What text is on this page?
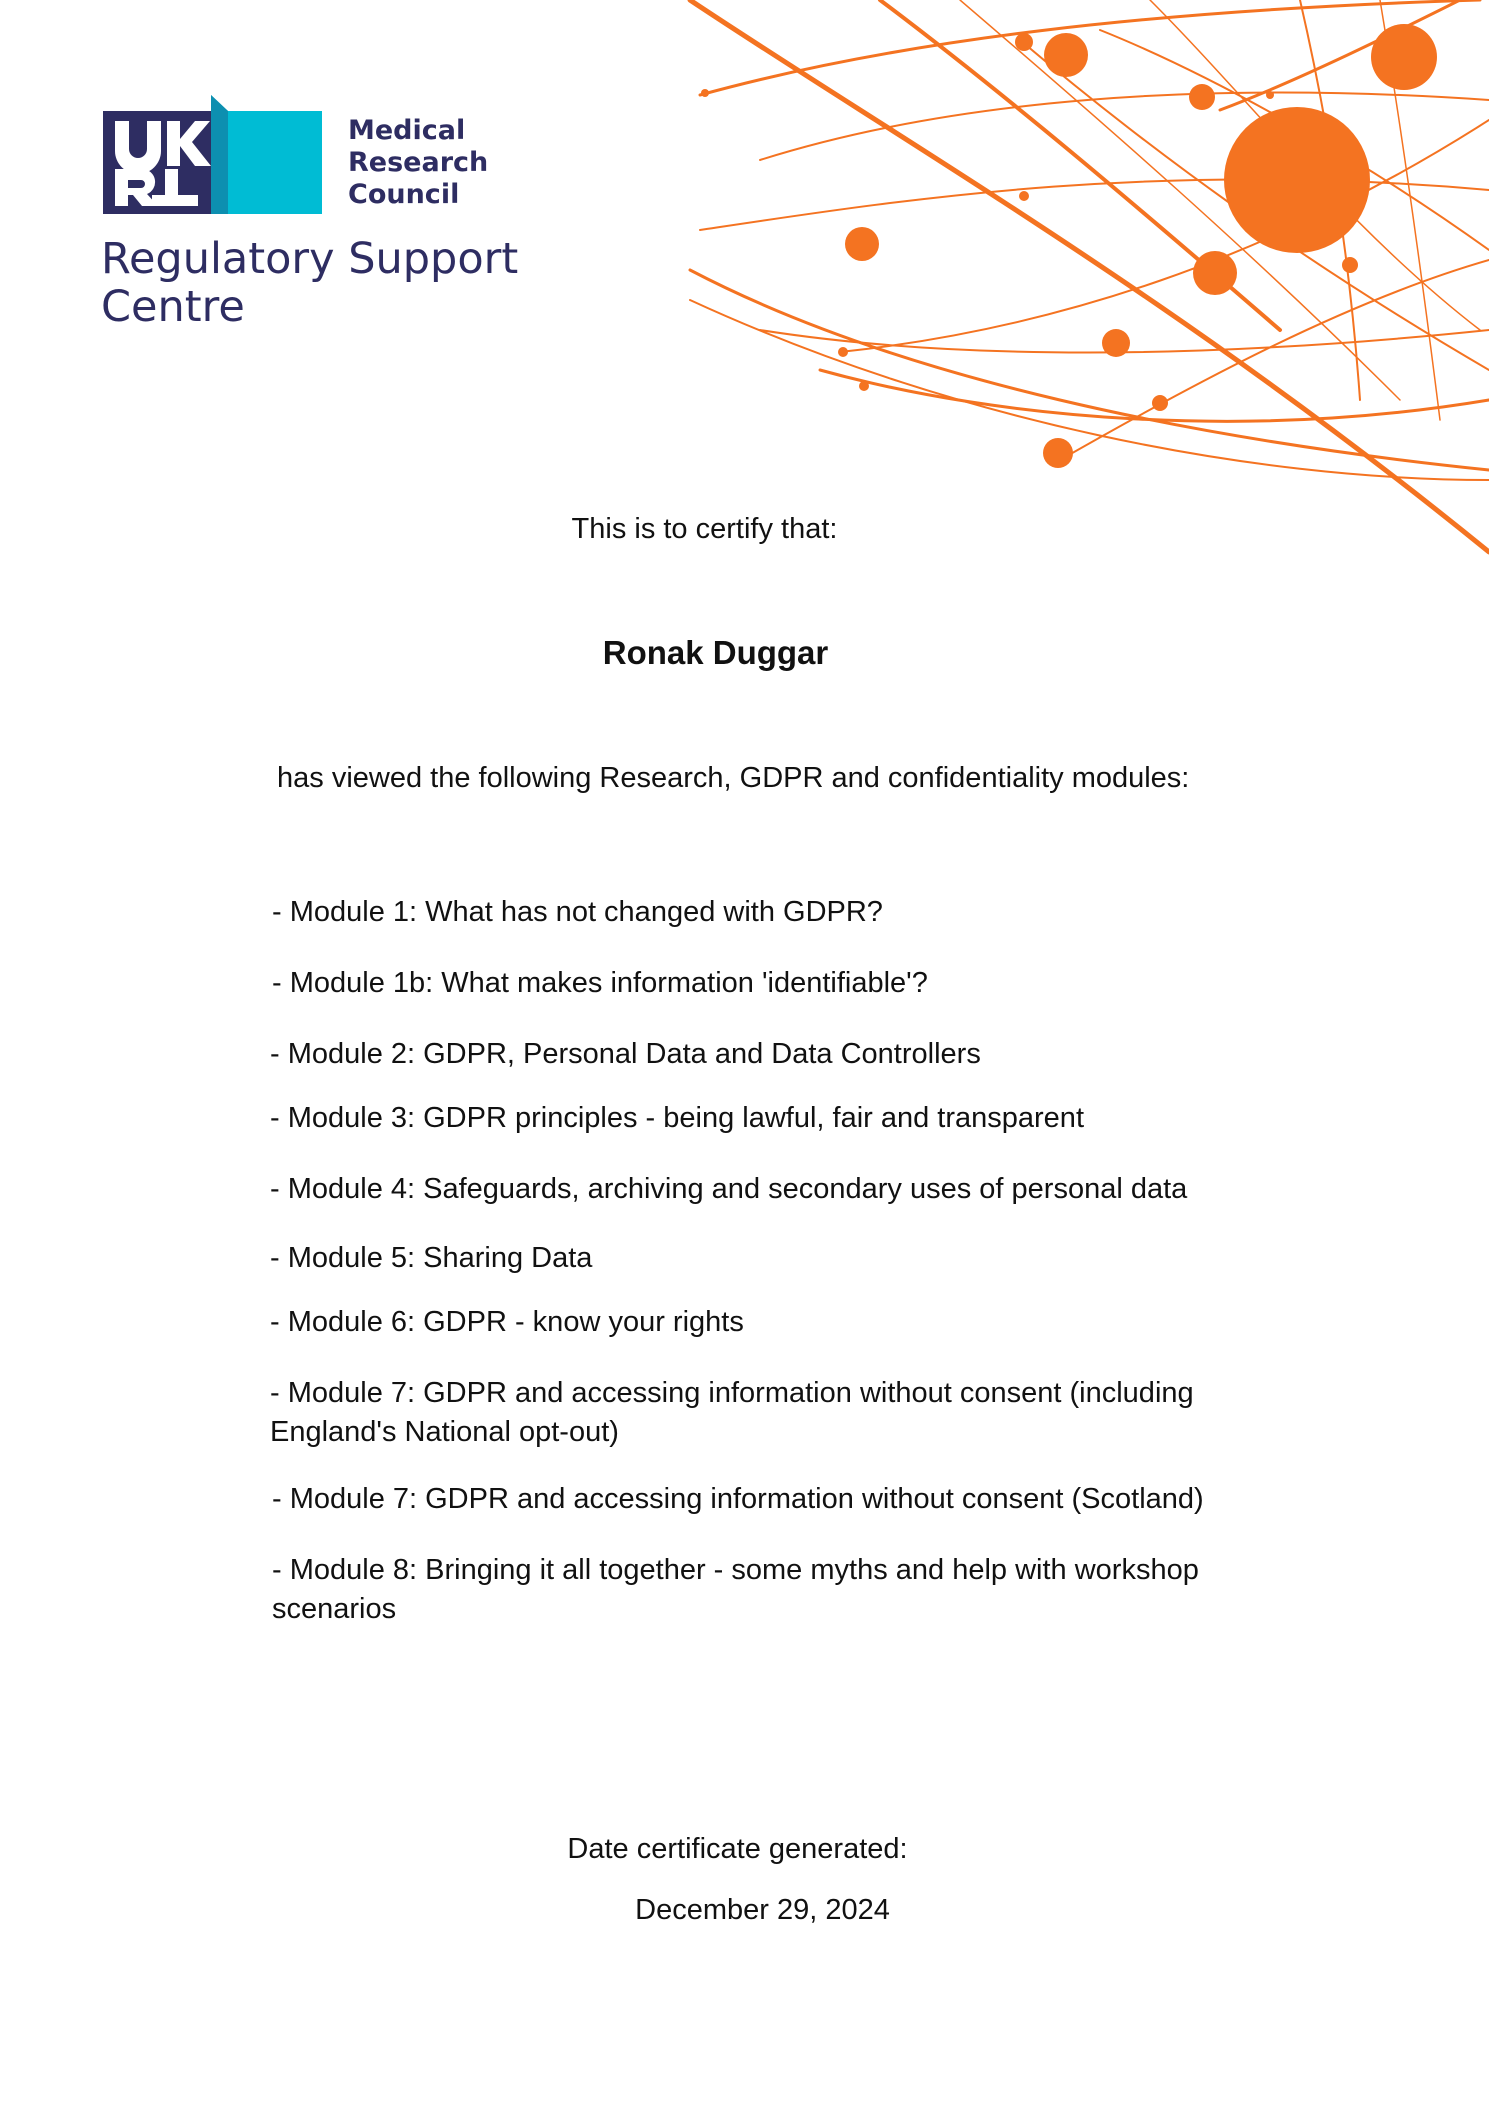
Medical
Research
Council
Regulatory Support
Centre
This is to certify that:
Ronak Duggar
has viewed the following Research, GDPR and confidentiality modules:
- Module 1: What has not changed with GDPR?
- Module 1b: What makes information 'identifiable'?
- Module 2: GDPR, Personal Data and Data Controllers
- Module 3: GDPR principles - being lawful, fair and transparent
- Module 4: Safeguards, archiving and secondary uses of personal data
- Module 5: Sharing Data
- Module 6: GDPR - know your rights
- Module 7: GDPR and accessing information without consent (including
England's National opt-out)
- Module 7: GDPR and accessing information without consent (Scotland)
- Module 8: Bringing it all together - some myths and help with workshop
scenarios
Date certificate generated:
December 29, 2024
